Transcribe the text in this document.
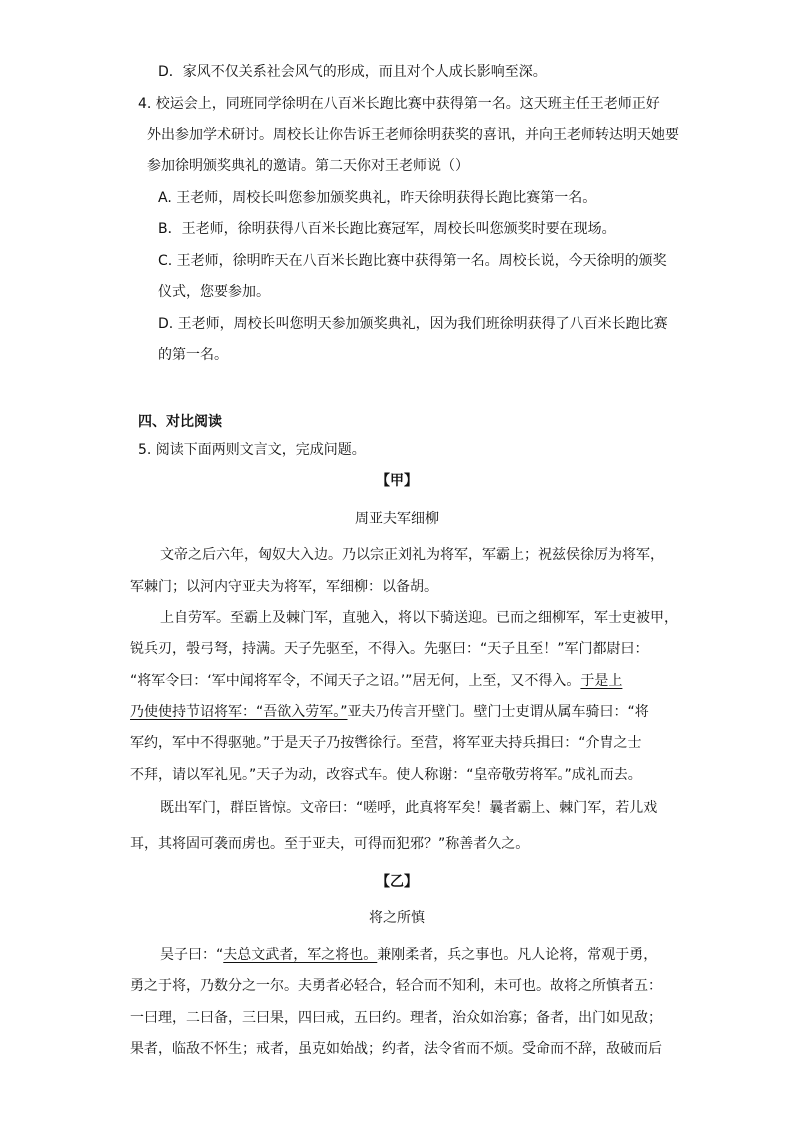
D．家风不仅关系社会风气的形成，而且对个人成长影响至深。
4. 校运会上，同班同学徐明在八百米长跑比赛中获得第一名。这天班主任王老师正好
外出参加学术研讨。周校长让你告诉王老师徐明获奖的喜讯，并向王老师转达明天她要
参加徐明颁奖典礼的邀请。第二天你对王老师说（）
A. 王老师，周校长叫您参加颁奖典礼，昨天徐明获得长跑比赛第一名。
B．王老师，徐明获得八百米长跑比赛冠军，周校长叫您颁奖时要在现场。
C. 王老师，徐明昨天在八百米长跑比赛中获得第一名。周校长说，今天徐明的颁奖
仪式，您要参加。
D. 王老师，周校长叫您明天参加颁奖典礼，因为我们班徐明获得了八百米长跑比赛
的第一名。
四、对比阅读
5. 阅读下面两则文言文，完成问题。
【甲】
周亚夫军细柳
文帝之后六年，匈奴大入边。乃以宗正刘礼为将军，军霸上；祝兹侯徐厉为将军，
军棘门；以河内守亚夫为将军，军细柳：以备胡。
上自劳军。至霸上及棘门军，直驰入，将以下骑送迎。已而之细柳军，军士吏被甲，
锐兵刃，彀弓弩，持满。天子先驱至，不得入。先驱曰：“天子且至！”军门都尉曰：
“将军令曰：‘军中闻将军令，不闻天子之诏。’”居无何，上至，又不得入。于是上
乃使使持节诏将军：“吾欲入劳军。”亚夫乃传言开壁门。壁门士吏谓从属车骑曰：“将
军约，军中不得驱驰。”于是天子乃按辔徐行。至营，将军亚夫持兵揖曰：“介胄之士
不拜，请以军礼见。”天子为动，改容式车。使人称谢：“皇帝敬劳将军。”成礼而去。
既出军门，群臣皆惊。文帝曰：“嗟呼，此真将军矣！曩者霸上、棘门军，若儿戏
耳，其将固可袭而虏也。至于亚夫，可得而犯邪？”称善者久之。
【乙】
将之所慎
吴子曰：“夫总文武者，军之将也。兼刚柔者，兵之事也。凡人论将，常观于勇，
勇之于将，乃数分之一尔。夫勇者必轻合，轻合而不知利，未可也。故将之所慎者五：
一曰理，二曰备，三曰果，四曰戒，五曰约。理者，治众如治寡；备者，出门如见敌；
果者，临敌不怀生；戒者，虽克如始战；约者，法令省而不烦。受命而不辞，敌破而后
